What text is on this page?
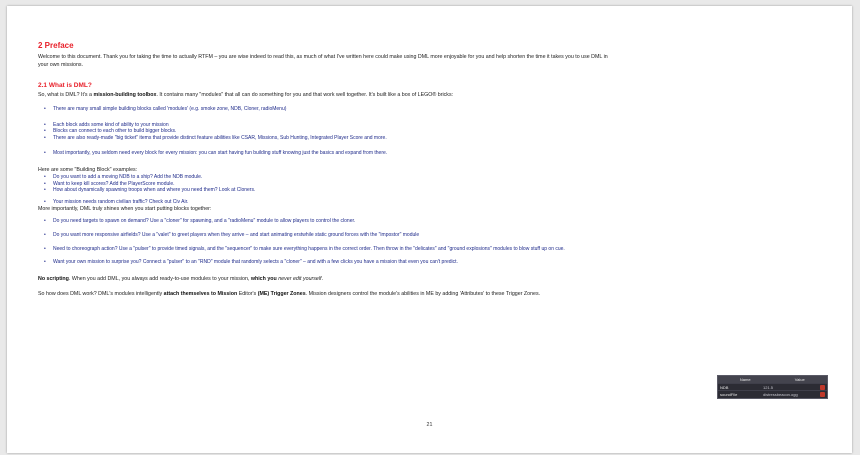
2 Preface

Welcome to this document. Thank you for taking the time to actually RTFM – you are wise indeed to read this, as much of what I've written here could make using DML more enjoyable for you and help shorten the time it takes you to use DML in your own missions.

2.1 What is DML?

So, what is DML? It's a mission-building toolbox. It contains many "modules" that all can do something for you and that work well together. It's built like a box of LEGO® bricks:

• There are many small simple building blocks called 'modules' (e.g. smoke zone, NDB, Cloner, radioMenu)
• Each block adds some kind of ability to your mission
• Blocks can connect to each other to build bigger blocks.
• There are also ready-made "big ticket" items that provide distinct feature abilities like CSAR, Missions, Sub Hunting, Integrated Player Score and more.
• Most importantly, you seldom need every block for every mission: you can start having fun building stuff knowing just the basics and expand from there.

Here are some "Building Block" examples:

• Do you want to add a moving NDB to a ship? Add the NDB module.
• Want to keep kill scores? Add the PlayerScore module.
• How about dynamically spawning troops when and where you need them? Look at Cloners.
• Your mission needs random civilian traffic? Check out Civ Air.

More importantly, DML truly shines when you start putting blocks together:

• Do you need targets to spawn on demand? Use a "cloner" for spawning, and a "radioMenu" module to allow players to control the cloner.
• Do you want more responsive airfields? Use a "valet" to greet players when they arrive – and start animating erstwhile static ground forces with the "impostor" module
• Need to choreograph action? Use a "pulser" to provide timed signals, and the "sequencer" to make sure everything happens in the correct order. Then throw in the "delicates" and "ground explosions" modules to blow stuff up on cue.
• Want your own mission to surprise you? Connect a "pulser" to an "RND" module that randomly selects a "cloner" – and with a few clicks you have a mission that even you can't predict.

No scripting. When you add DML, you always add ready-to-use modules to your mission, which you never edit yourself.

So how does DML work? DML's modules intelligently attach themselves to Mission Editor's (ME) Trigger Zones. Mission designers control the module's abilities in ME by adding 'Attributes' to these Trigger Zones.

21
Name	Value
NDB	121.5
soundFile	distressbeacon.ogg
